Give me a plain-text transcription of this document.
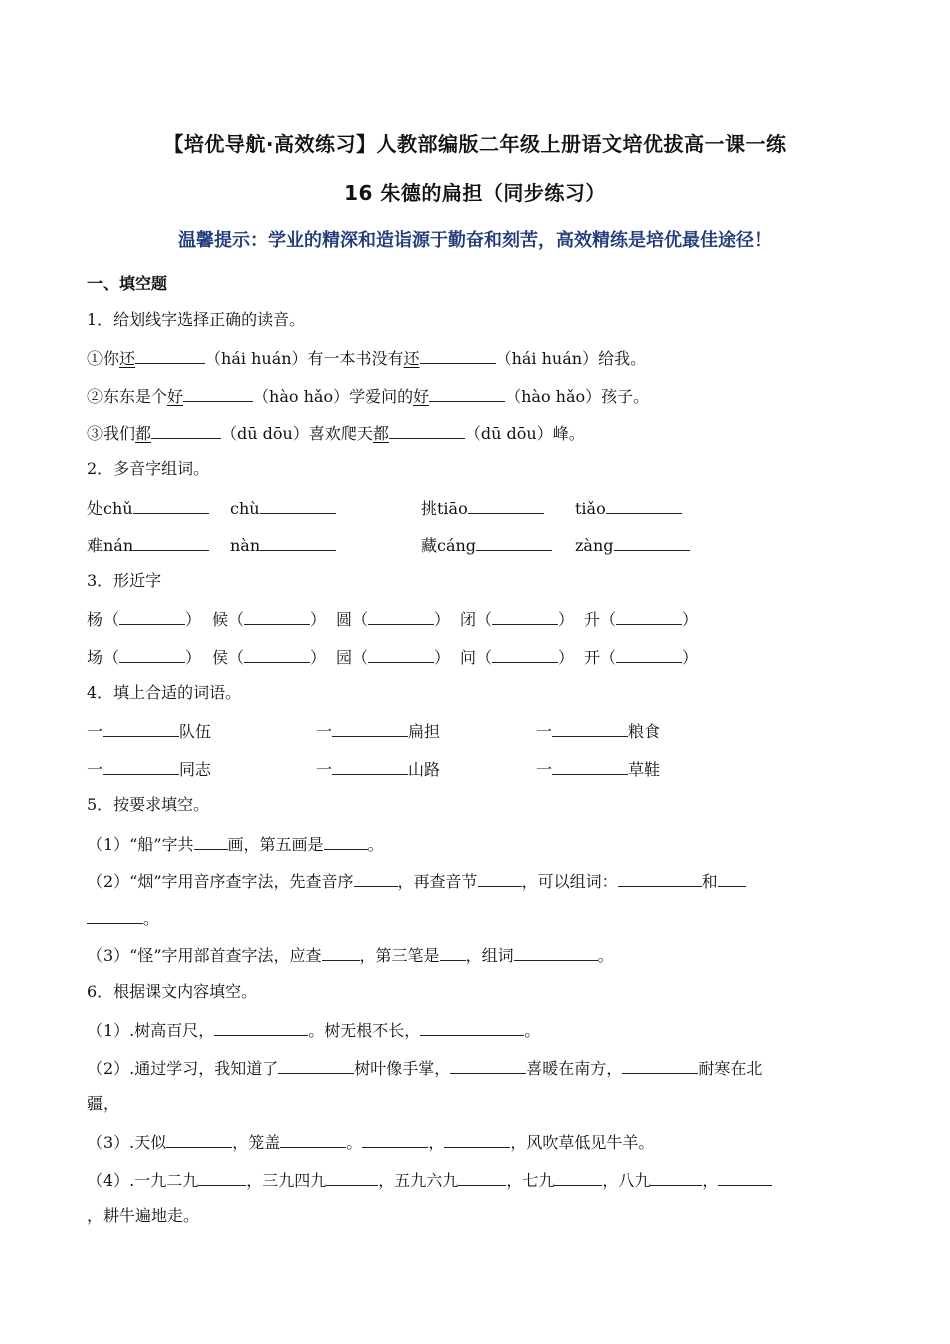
【培优导航·高效练习】人教部编版二年级上册语文培优拔高一课一练
16 朱德的扁担（同步练习）
温馨提示：学业的精深和造诣源于勤奋和刻苦，高效精练是培优最佳途径！
一、填空题
1．给划线字选择正确的读音。
①你还	（hái huán）有一本书没有还	（hái huán）给我。
②东东是个好	（hào hǎo）学爱问的好	（hào hǎo）孩子。
③我们都	（dū dōu）喜欢爬天都	（dū dōu）峰。
2．多音字组词。
处chǔ	chù	挑tiāo	tiǎo
难nán	nàn	藏cáng	zàng
3．形近字
杨（	） 候（	） 圆（	） 闭（	） 升（	）
场（	） 侯（	） 园（	） 问（	） 开（	）
4．填上合适的词语。
一	队伍	一	扁担	一	粮食
一	同志	一	山路	一	草鞋
5．按要求填空。
（1）“船”字共 画，第五画是	。
（2）“烟”字用音序查字法，先查音序	，再查音节	，可以组词：	和
。
（3）“怪”字用部首查字法，应查 ，第三笔是 ，组词	。
6．根据课文内容填空。
（1）.树高百尺，	。树无根不长，	。
（2）.通过学习，我知道了	树叶像手掌，	喜暖在南方，	耐寒在北
疆，
（3）.天似	，笼盖	。	，	，风吹草低见牛羊。
（4）.一九二九	，三九四九	，五九六九	，七九	，八九	，
，耕牛遍地走。
